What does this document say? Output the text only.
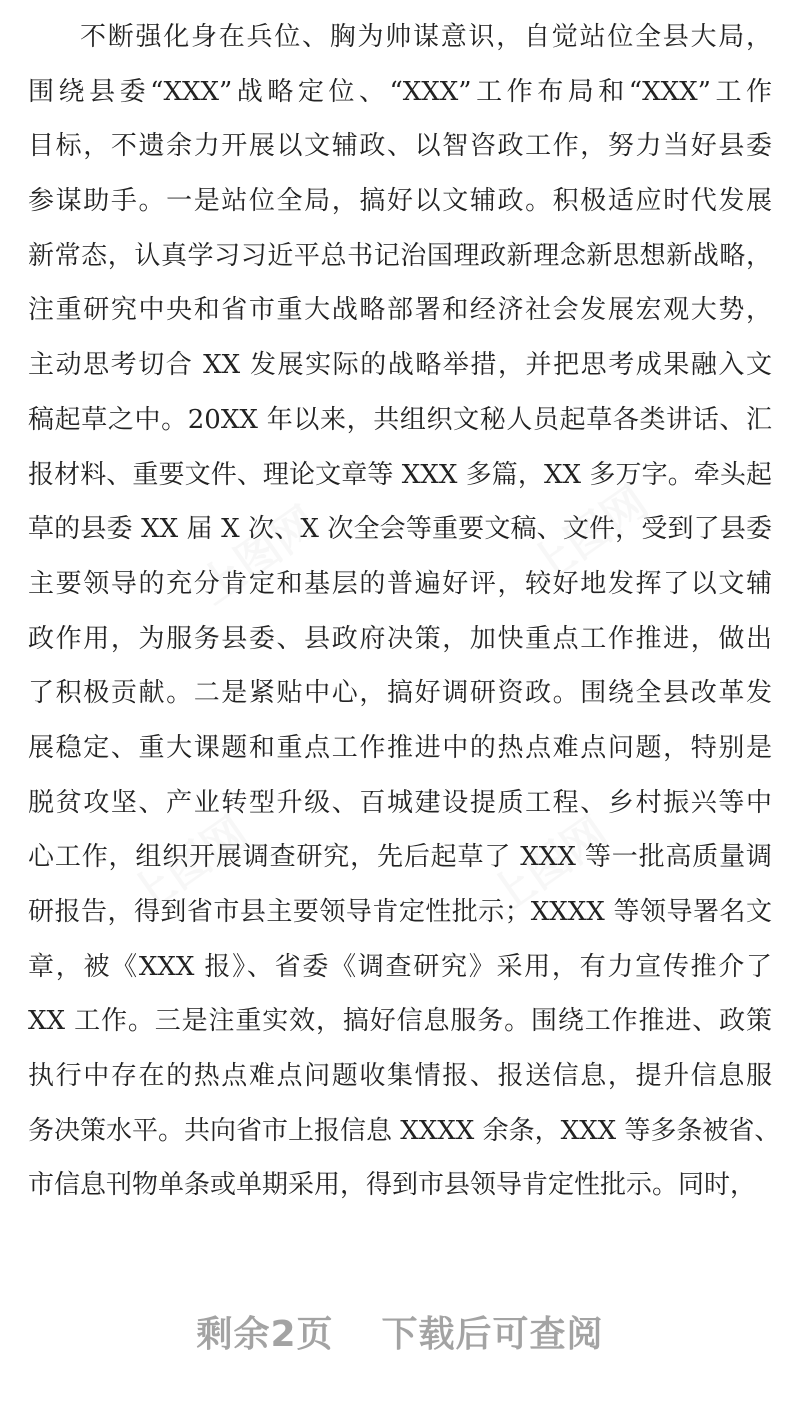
上图网	上图网
上图网	上图网
不断强化身在兵位、胸为帅谋意识，自觉站位全县大局，
围绕县委“XXX”战略定位、“XXX”工作布局和“XXX”工作
目标，不遗余力开展以文辅政、以智咨政工作，努力当好县委
参谋助手。一是站位全局，搞好以文辅政。积极适应时代发展
新常态，认真学习习近平总书记治国理政新理念新思想新战略，
注重研究中央和省市重大战略部署和经济社会发展宏观大势，
主动思考切合 XX 发展实际的战略举措，并把思考成果融入文
稿起草之中。20XX 年以来，共组织文秘人员起草各类讲话、汇
报材料、重要文件、理论文章等 XXX 多篇，XX 多万字。牵头起
草的县委 XX 届 X 次、X 次全会等重要文稿、文件，受到了县委
主要领导的充分肯定和基层的普遍好评，较好地发挥了以文辅
政作用，为服务县委、县政府决策，加快重点工作推进，做出
了积极贡献。二是紧贴中心，搞好调研资政。围绕全县改革发
展稳定、重大课题和重点工作推进中的热点难点问题，特别是
脱贫攻坚、产业转型升级、百城建设提质工程、乡村振兴等中
心工作，组织开展调查研究，先后起草了 XXX 等一批高质量调
研报告，得到省市县主要领导肯定性批示；XXXX 等领导署名文
章，被《XXX 报》、省委《调查研究》采用，有力宣传推介了
XX 工作。三是注重实效，搞好信息服务。围绕工作推进、政策
执行中存在的热点难点问题收集情报、报送信息，提升信息服
务决策水平。共向省市上报信息 XXXX 余条，XXX 等多条被省、
市信息刊物单条或单期采用，得到市县领导肯定性批示。同时，
剩余2页 下载后可查阅
